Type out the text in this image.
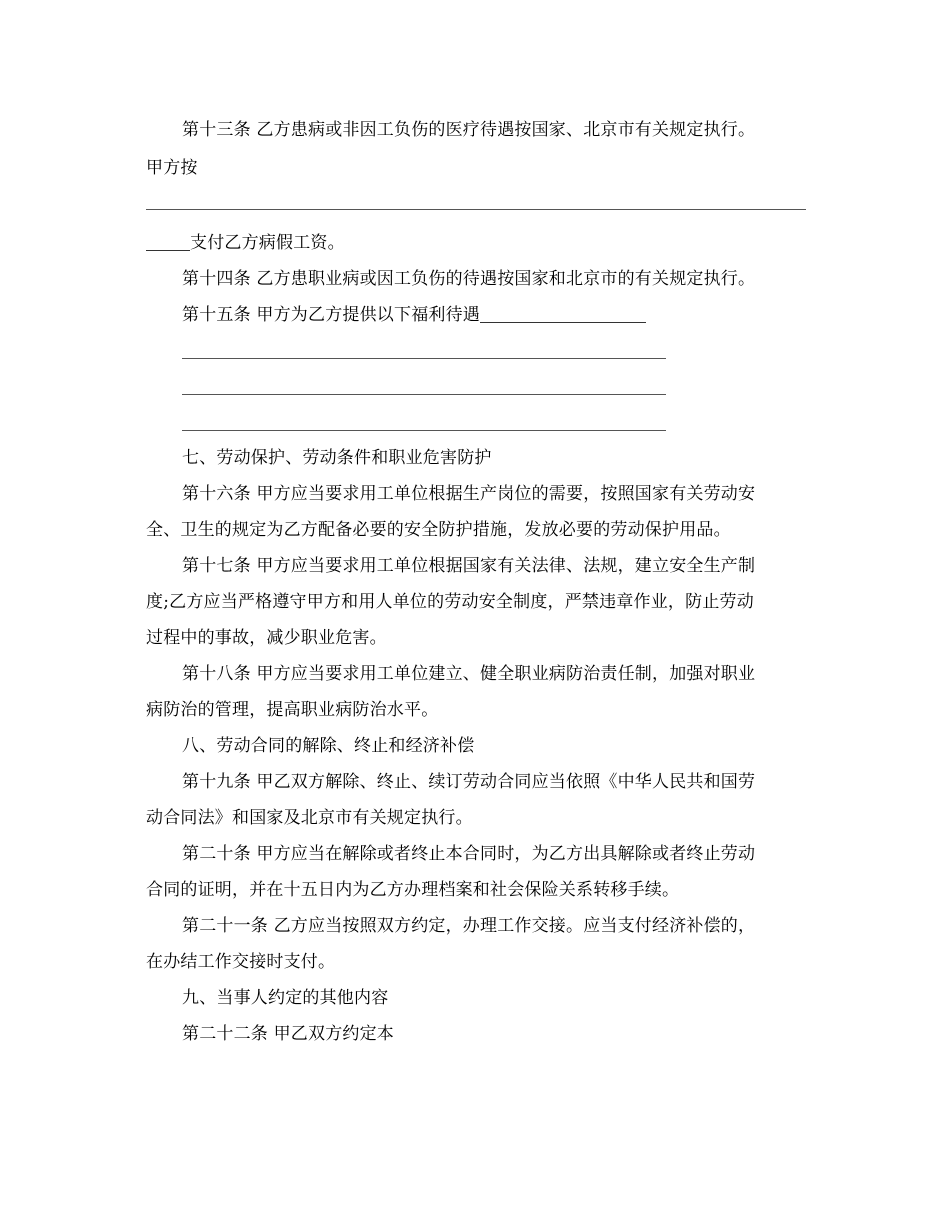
第十三条 乙方患病或非因工负伤的医疗待遇按国家、北京市有关规定执行。
甲方按
支付乙方病假工资。
第十四条 乙方患职业病或因工负伤的待遇按国家和北京市的有关规定执行。
第十五条 甲方为乙方提供以下福利待遇
七、劳动保护、劳动条件和职业危害防护
第十六条 甲方应当要求用工单位根据生产岗位的需要，按照国家有关劳动安
全、卫生的规定为乙方配备必要的安全防护措施，发放必要的劳动保护用品。
第十七条 甲方应当要求用工单位根据国家有关法律、法规，建立安全生产制
度;乙方应当严格遵守甲方和用人单位的劳动安全制度，严禁违章作业，防止劳动
过程中的事故，减少职业危害。
第十八条 甲方应当要求用工单位建立、健全职业病防治责任制，加强对职业
病防治的管理，提高职业病防治水平。
八、劳动合同的解除、终止和经济补偿
第十九条 甲乙双方解除、终止、续订劳动合同应当依照《中华人民共和国劳
动合同法》和国家及北京市有关规定执行。
第二十条 甲方应当在解除或者终止本合同时，为乙方出具解除或者终止劳动
合同的证明，并在十五日内为乙方办理档案和社会保险关系转移手续。
第二十一条 乙方应当按照双方约定，办理工作交接。应当支付经济补偿的，
在办结工作交接时支付。
九、当事人约定的其他内容
第二十二条 甲乙双方约定本
